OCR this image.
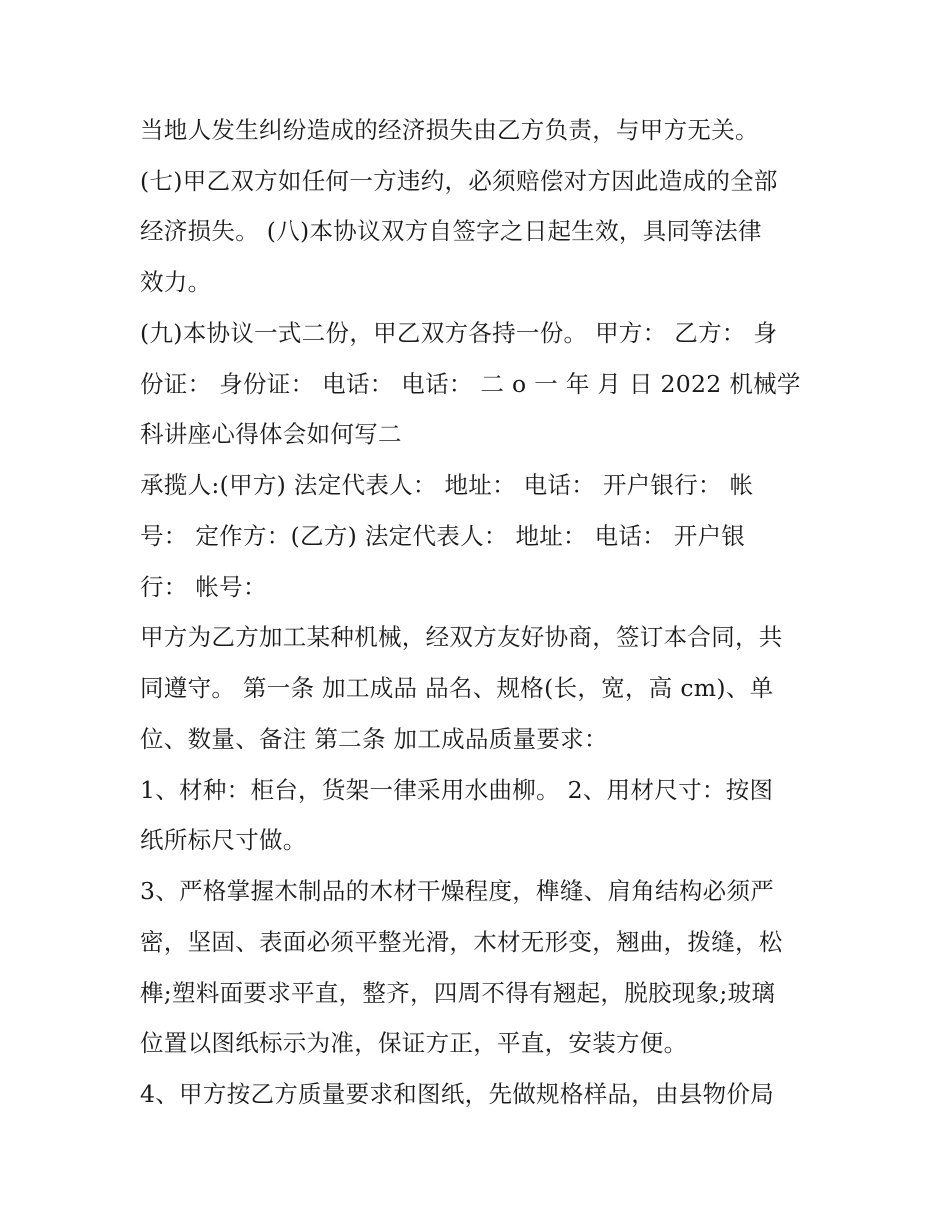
当地人发生纠纷造成的经济损失由乙方负责，与甲方无关。
(七)甲乙双方如任何一方违约，必须赔偿对方因此造成的全部
经济损失。 (八)本协议双方自签字之日起生效，具同等法律
效力。
(九)本协议一式二份，甲乙双方各持一份。 甲方： 乙方： 身
份证： 身份证： 电话： 电话： 二 o 一 年 月 日 2022 机械学
科讲座心得体会如何写二
承揽人:(甲方) 法定代表人： 地址： 电话： 开户银行： 帐
号： 定作方：(乙方) 法定代表人： 地址： 电话： 开户银
行： 帐号：
甲方为乙方加工某种机械，经双方友好协商，签订本合同，共
同遵守。 第一条 加工成品 品名、规格(长，宽，高 cm)、单
位、数量、备注 第二条 加工成品质量要求：
1、材种：柜台，货架一律采用水曲柳。 2、用材尺寸：按图
纸所标尺寸做。
3、严格掌握木制品的木材干燥程度，榫缝、肩角结构必须严
密，坚固、表面必须平整光滑，木材无形变，翘曲，拨缝，松
榫;塑料面要求平直，整齐，四周不得有翘起，脱胶现象;玻璃
位置以图纸标示为准，保证方正，平直，安装方便。
4、甲方按乙方质量要求和图纸，先做规格样品，由县物价局
